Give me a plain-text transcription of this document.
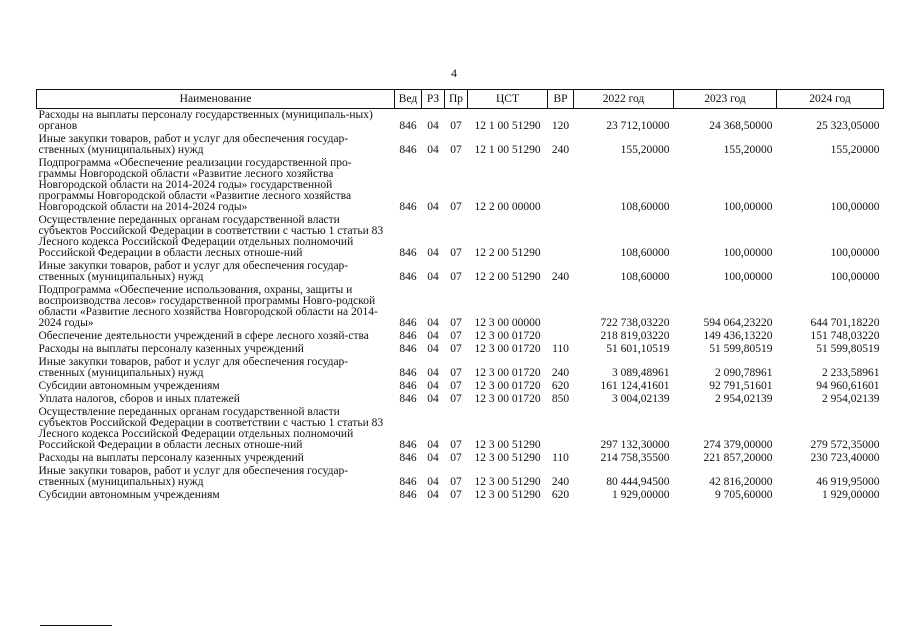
4
Наименование	Вед	РЗ	Пр	ЦСТ	ВР	2022 год	2023 год	2024 год
Расходы на выплаты персоналу государственных (муниципаль-ных) органов	846	04	07	12 1 00 51290	120	23 712,10000	24 368,50000	25 323,05000
Иные закупки товаров, работ и услуг для обеспечения государ-ственных (муниципальных) нужд	846	04	07	12 1 00 51290	240	155,20000	155,20000	155,20000
Подпрограмма «Обеспечение реализации государственной про-граммы Новгородской области «Развитие лесного хозяйства Новгородской области на 2014-2024 годы» государственной программы Новгородской области «Развитие лесного хозяйства Новгородской области на 2014-2024 годы»	846	04	07	12 2 00 00000		108,60000	100,00000	100,00000
Осуществление переданных органам государственной власти субъектов Российской Федерации в соответствии с частью 1 статьи 83 Лесного кодекса Российской Федерации отдельных полномочий Российской Федерации в области лесных отноше-ний	846	04	07	12 2 00 51290		108,60000	100,00000	100,00000
Иные закупки товаров, работ и услуг для обеспечения государ-ственных (муниципальных) нужд	846	04	07	12 2 00 51290	240	108,60000	100,00000	100,00000
Подпрограмма «Обеспечение использования, охраны, защиты и воспроизводства лесов» государственной программы Новго-родской области «Развитие лесного хозяйства Новгородской области на 2014-2024 годы»	846	04	07	12 3 00 00000		722 738,03220	594 064,23220	644 701,18220
Обеспечение деятельности учреждений в сфере лесного хозяй-ства	846	04	07	12 3 00 01720		218 819,03220	149 436,13220	151 748,03220
Расходы на выплаты персоналу казенных учреждений	846	04	07	12 3 00 01720	110	51 601,10519	51 599,80519	51 599,80519
Иные закупки товаров, работ и услуг для обеспечения государ-ственных (муниципальных) нужд	846	04	07	12 3 00 01720	240	3 089,48961	2 090,78961	2 233,58961
Субсидии автономным учреждениям	846	04	07	12 3 00 01720	620	161 124,41601	92 791,51601	94 960,61601
Уплата налогов, сборов и иных платежей	846	04	07	12 3 00 01720	850	3 004,02139	2 954,02139	2 954,02139
Осуществление переданных органам государственной власти субъектов Российской Федерации в соответствии с частью 1 статьи 83 Лесного кодекса Российской Федерации отдельных полномочий Российской Федерации в области лесных отноше-ний	846	04	07	12 3 00 51290		297 132,30000	274 379,00000	279 572,35000
Расходы на выплаты персоналу казенных учреждений	846	04	07	12 3 00 51290	110	214 758,35500	221 857,20000	230 723,40000
Иные закупки товаров, работ и услуг для обеспечения государ-ственных (муниципальных) нужд	846	04	07	12 3 00 51290	240	80 444,94500	42 816,20000	46 919,95000
Субсидии автономным учреждениям	846	04	07	12 3 00 51290	620	1 929,00000	9 705,60000	1 929,00000
